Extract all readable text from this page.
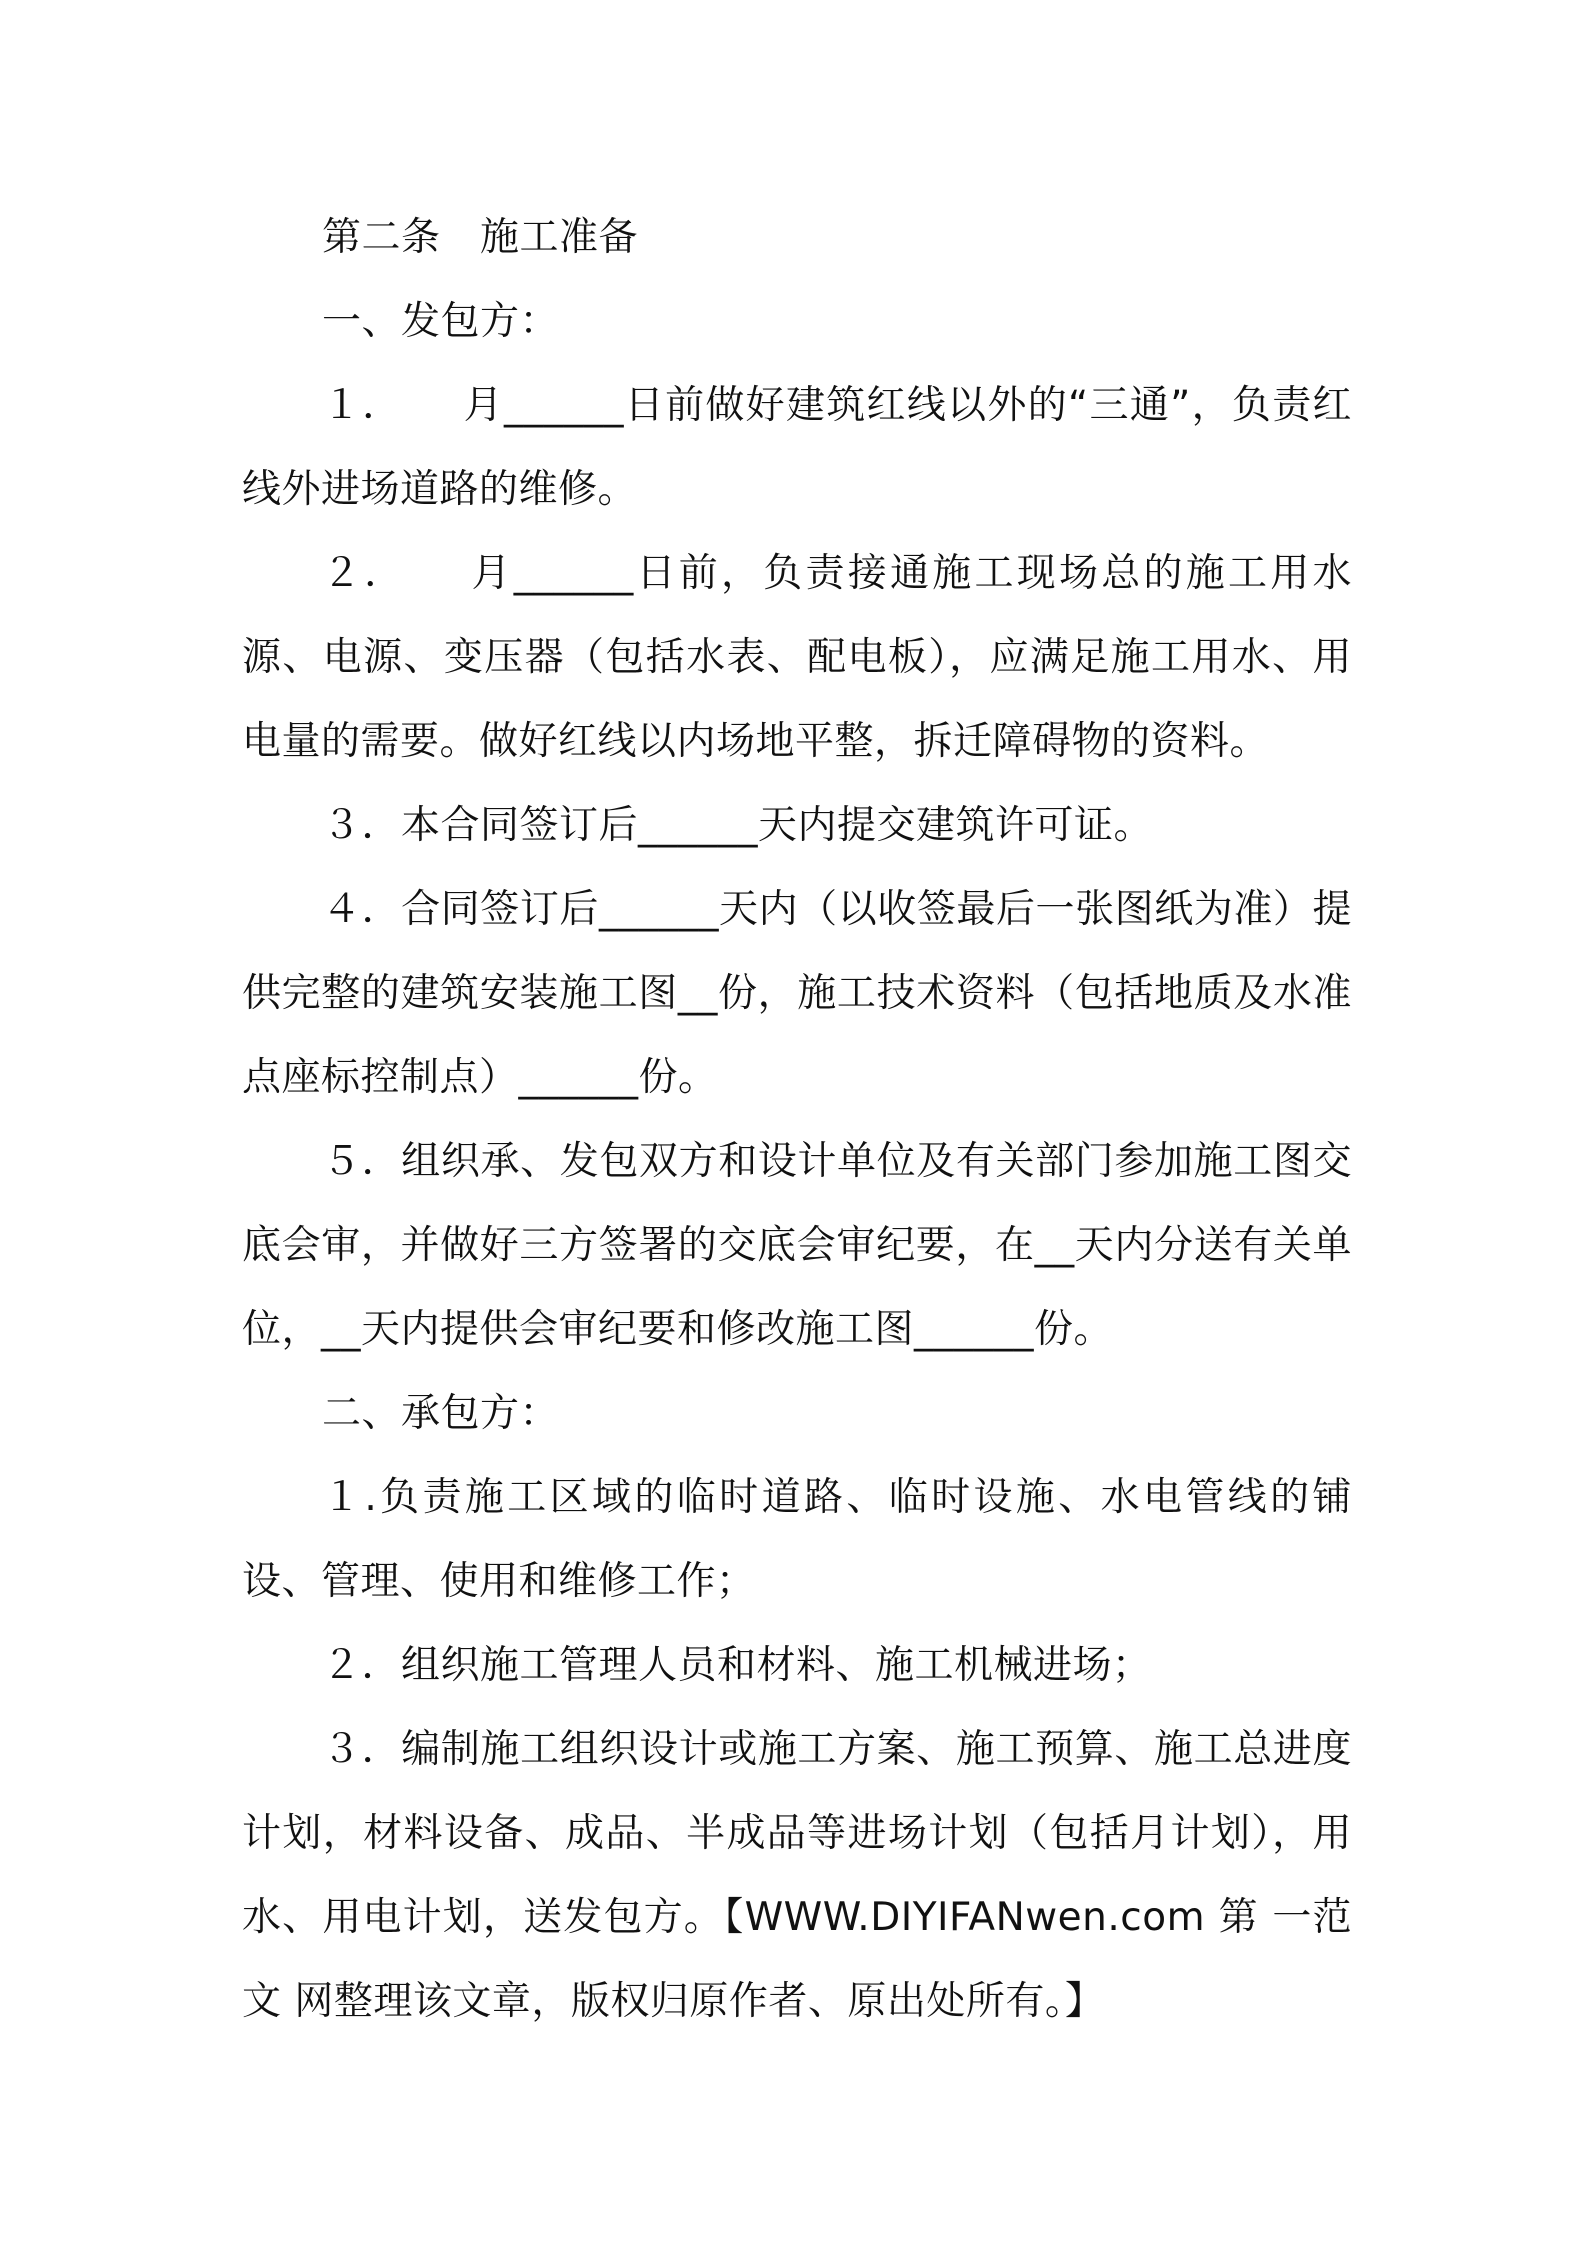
第二条　施工准备

一、发包方：

１．　　月______日前做好建筑红线以外的“三通”，负责红线外进场道路的维修。

２．　　月______日前，负责接通施工现场总的施工用水源、电源、变压器（包括水表、配电板），应满足施工用水、用电量的需要。做好红线以内场地平整，拆迁障碍物的资料。

３．本合同签订后______天内提交建筑许可证。

４．合同签订后______天内（以收签最后一张图纸为准）提供完整的建筑安装施工图__份，施工技术资料（包括地质及水准点座标控制点）______份。

５．组织承、发包双方和设计单位及有关部门参加施工图交底会审，并做好三方签署的交底会审纪要，在__天内分送有关单位，__天内提供会审纪要和修改施工图______份。

二、承包方：

１.负责施工区域的临时道路、临时设施、水电管线的铺设、管理、使用和维修工作；

２．组织施工管理人员和材料、施工机械进场；

３．编制施工组织设计或施工方案、施工预算、施工总进度计划，材料设备、成品、半成品等进场计划（包括月计划），用水、用电计划，送发包方。【WWW.DIYIFANwen.com 第 一范文 网整理该文章，版权归原作者、原出处所有。】
